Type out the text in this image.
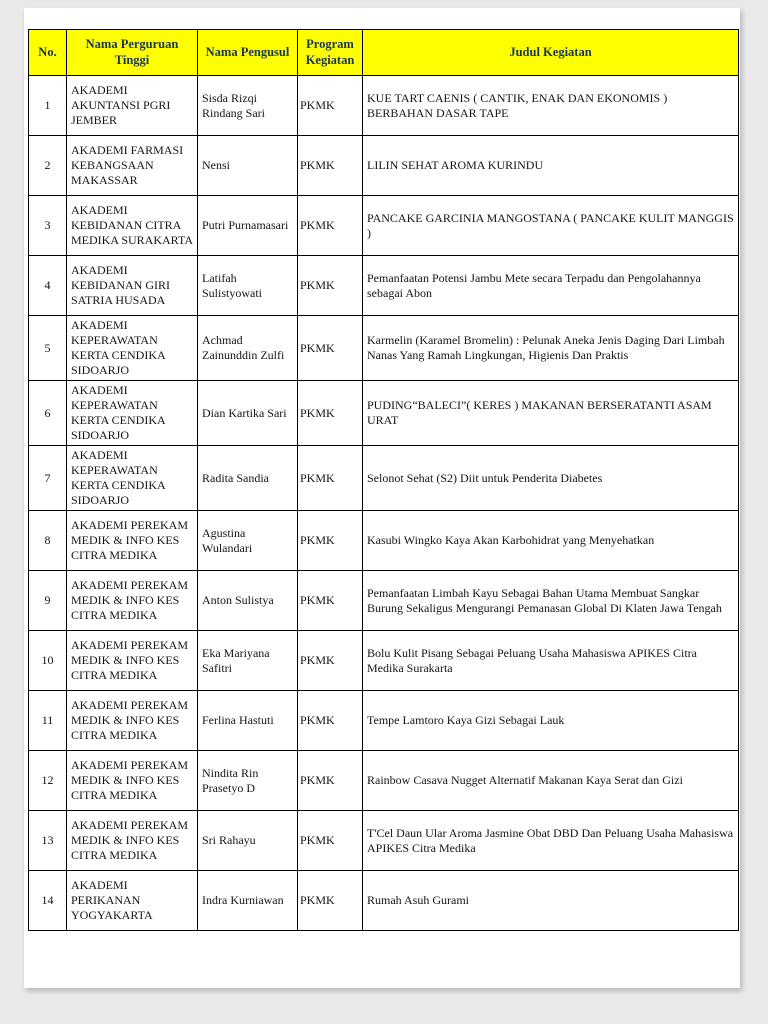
No.	Nama Perguruan Tinggi	Nama Pengusul	Program Kegiatan	Judul Kegiatan
1	AKADEMI AKUNTANSI PGRI JEMBER	Sisda Rizqi Rindang Sari	PKMK	KUE TART CAENIS ( CANTIK, ENAK DAN EKONOMIS ) BERBAHAN DASAR TAPE
2	AKADEMI FARMASI KEBANGSAAN MAKASSAR	Nensi	PKMK	LILIN SEHAT AROMA KURINDU
3	AKADEMI KEBIDANAN CITRA MEDIKA SURAKARTA	Putri Purnamasari	PKMK	PANCAKE GARCINIA MANGOSTANA ( PANCAKE KULIT MANGGIS )
4	AKADEMI KEBIDANAN GIRI SATRIA HUSADA	Latifah Sulistyowati	PKMK	Pemanfaatan Potensi Jambu Mete secara Terpadu dan Pengolahannya sebagai Abon
5	AKADEMI KEPERAWATAN KERTA CENDIKA SIDOARJO	Achmad Zainunddin Zulfi	PKMK	Karmelin (Karamel Bromelin) : Pelunak Aneka Jenis Daging Dari Limbah Nanas Yang Ramah Lingkungan, Higienis Dan Praktis
6	AKADEMI KEPERAWATAN KERTA CENDIKA SIDOARJO	Dian Kartika Sari	PKMK	PUDING“BALECI”( KERES ) MAKANAN BERSERATANTI ASAM URAT
7	AKADEMI KEPERAWATAN KERTA CENDIKA SIDOARJO	Radita Sandia	PKMK	Selonot Sehat (S2) Diit untuk Penderita Diabetes
8	AKADEMI PEREKAM MEDIK & INFO KES CITRA MEDIKA	Agustina Wulandari	PKMK	Kasubi Wingko Kaya Akan Karbohidrat yang Menyehatkan
9	AKADEMI PEREKAM MEDIK & INFO KES CITRA MEDIKA	Anton Sulistya	PKMK	Pemanfaatan Limbah Kayu Sebagai Bahan Utama Membuat Sangkar Burung Sekaligus Mengurangi Pemanasan Global Di Klaten Jawa Tengah
10	AKADEMI PEREKAM MEDIK & INFO KES CITRA MEDIKA	Eka Mariyana Safitri	PKMK	Bolu Kulit Pisang Sebagai Peluang Usaha Mahasiswa APIKES Citra Medika Surakarta
11	AKADEMI PEREKAM MEDIK & INFO KES CITRA MEDIKA	Ferlina Hastuti	PKMK	Tempe Lamtoro Kaya Gizi Sebagai Lauk
12	AKADEMI PEREKAM MEDIK & INFO KES CITRA MEDIKA	Nindita Rin Prasetyo D	PKMK	Rainbow Casava Nugget Alternatif Makanan Kaya Serat dan Gizi
13	AKADEMI PEREKAM MEDIK & INFO KES CITRA MEDIKA	Sri Rahayu	PKMK	T'Cel Daun Ular Aroma Jasmine Obat DBD Dan Peluang Usaha Mahasiswa APIKES Citra Medika
14	AKADEMI PERIKANAN YOGYAKARTA	Indra Kurniawan	PKMK	Rumah Asuh Gurami
